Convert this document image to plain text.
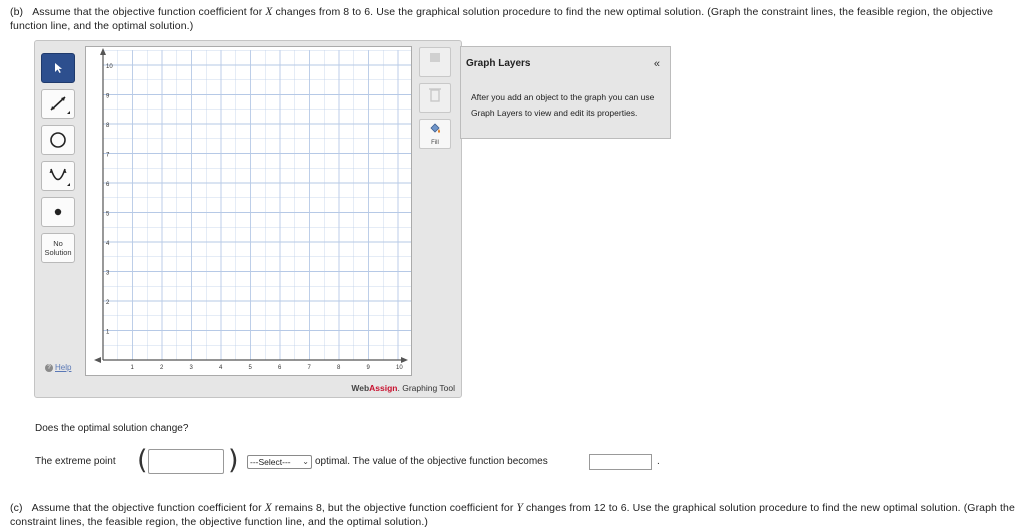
(b) Assume that the objective function coefficient for X changes from 8 to 6. Use the graphical solution procedure to find the new optimal solution. (Graph the constraint lines, the feasible region, the objective function line, and the optimal solution.)
No
Solution
? Help	1	2	3	4	5	6	7	8	9	10
1
2
3
4
5
6
7
8
9
10
Fill
WebAssign. Graphing Tool
Graph Layers	«
After you add an object to the graph you can use Graph Layers to view and edit its properties.
Does the optimal solution change?
The extreme point (	)	---Select--- ⌄ optimal. The value of the objective function becomes	.
(c) Assume that the objective function coefficient for X remains 8, but the objective function coefficient for Y changes from 12 to 6. Use the graphical solution procedure to find the new optimal solution. (Graph the constraint lines, the feasible region, the objective function line, and the optimal solution.)
